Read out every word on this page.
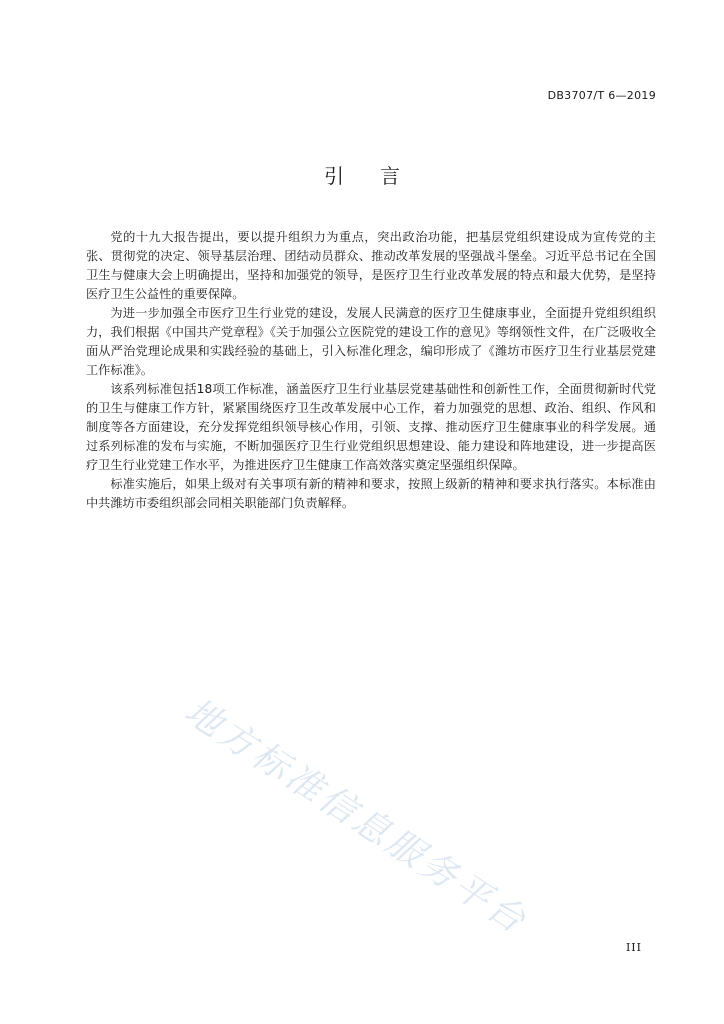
DB3707/T 6—2019
引言

党的十九大报告提出，要以提升组织力为重点，突出政治功能，把基层党组织建设成为宣传党的主张、贯彻党的决定、领导基层治理、团结动员群众、推动改革发展的坚强战斗堡垒。习近平总书记在全国卫生与健康大会上明确提出，坚持和加强党的领导，是医疗卫生行业改革发展的特点和最大优势，是坚持医疗卫生公益性的重要保障。

为进一步加强全市医疗卫生行业党的建设，发展人民满意的医疗卫生健康事业，全面提升党组织组织力，我们根据《中国共产党章程》《关于加强公立医院党的建设工作的意见》等纲领性文件，在广泛吸收全面从严治党理论成果和实践经验的基础上，引入标准化理念，编印形成了《潍坊市医疗卫生行业基层党建工作标准》。

该系列标准包括18项工作标准，涵盖医疗卫生行业基层党建基础性和创新性工作，全面贯彻新时代党的卫生与健康工作方针，紧紧围绕医疗卫生改革发展中心工作，着力加强党的思想、政治、组织、作风和制度等各方面建设，充分发挥党组织领导核心作用，引领、支撑、推动医疗卫生健康事业的科学发展。通过系列标准的发布与实施，不断加强医疗卫生行业党组织思想建设、能力建设和阵地建设，进一步提高医疗卫生行业党建工作水平，为推进医疗卫生健康工作高效落实奠定坚强组织保障。

标准实施后，如果上级对有关事项有新的精神和要求，按照上级新的精神和要求执行落实。本标准由中共潍坊市委组织部会同相关职能部门负责解释。

地方标准信息服务平台
III
